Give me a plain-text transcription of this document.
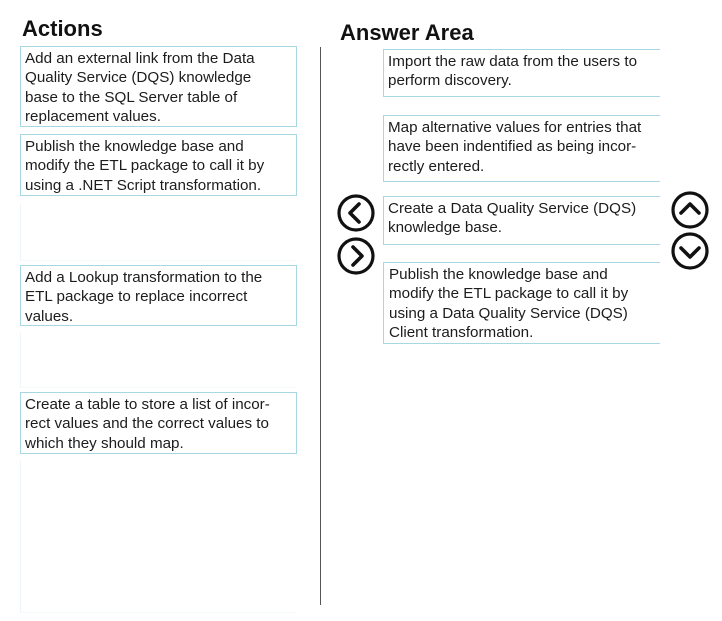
Actions	Answer Area
Add an external link from the Data
Quality Service (DQS) knowledge
base to the SQL Server table of
replacement values.
Publish the knowledge base and
modify the ETL package to call it by
using a .NET Script transformation.
Add a Lookup transformation to the
ETL package to replace incorrect
values.
Create a table to store a list of incor-
rect values and the correct values to
which they should map.
Import the raw data from the users to
perform discovery.
Map alternative values for entries that
have been indentified as being incor-
rectly entered.
Create a Data Quality Service (DQS)
knowledge base.
Publish the knowledge base and
modify the ETL package to call it by
using a Data Quality Service (DQS)
Client transformation.
